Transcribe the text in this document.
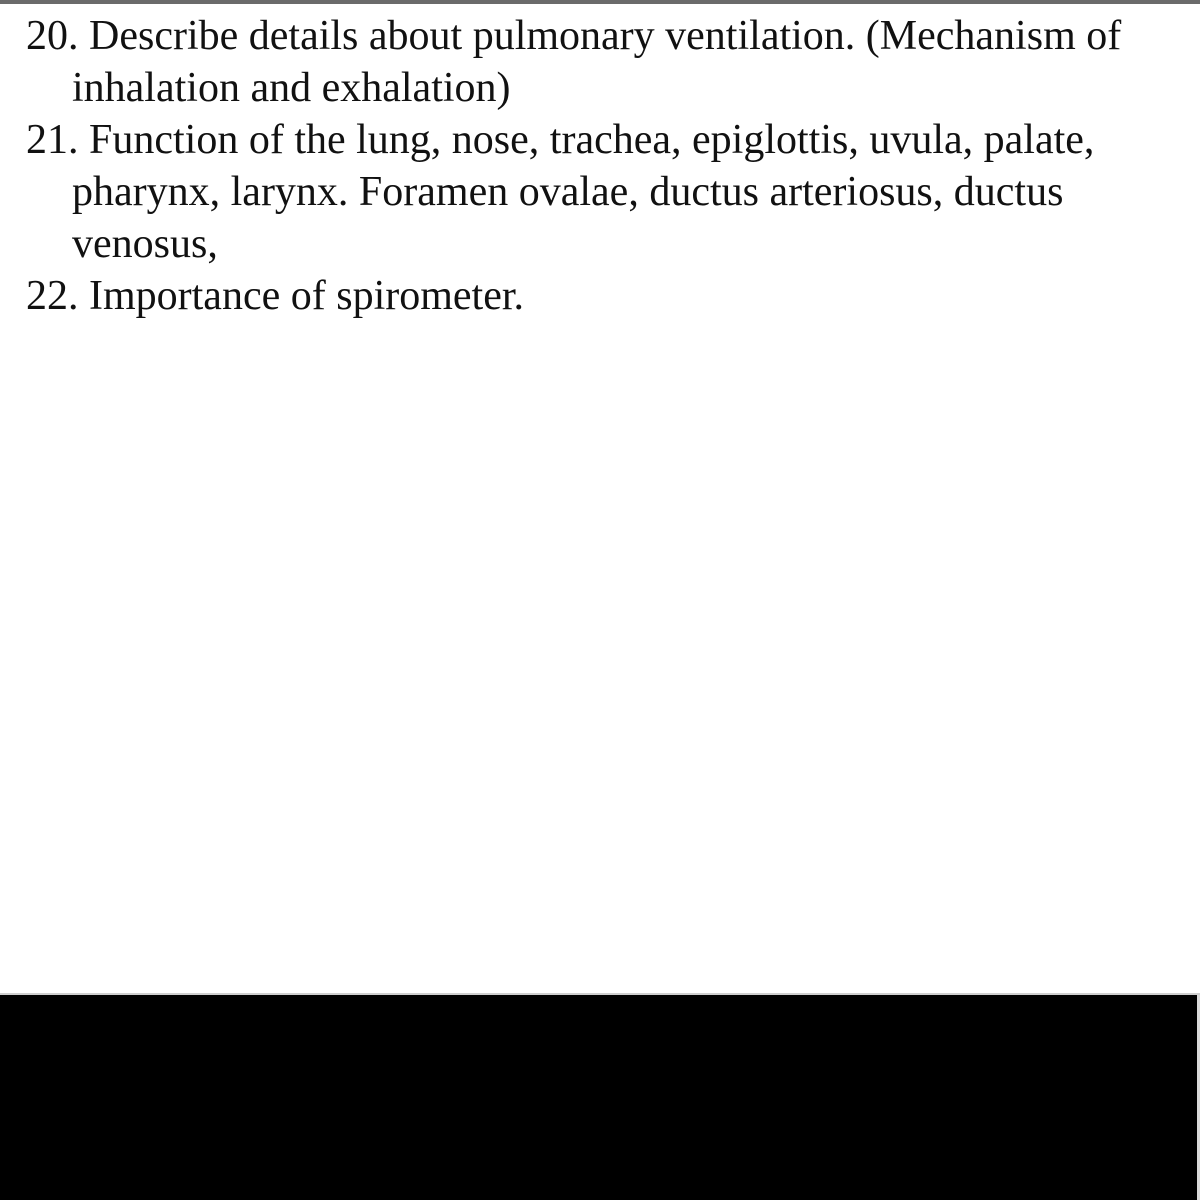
20. Describe details about pulmonary ventilation. (Mechanism of inhalation and exhalation)
21. Function of the lung, nose, trachea, epiglottis, uvula, palate, pharynx, larynx. Foramen ovalae, ductus arteriosus, ductus venosus,
22. Importance of spirometer.
